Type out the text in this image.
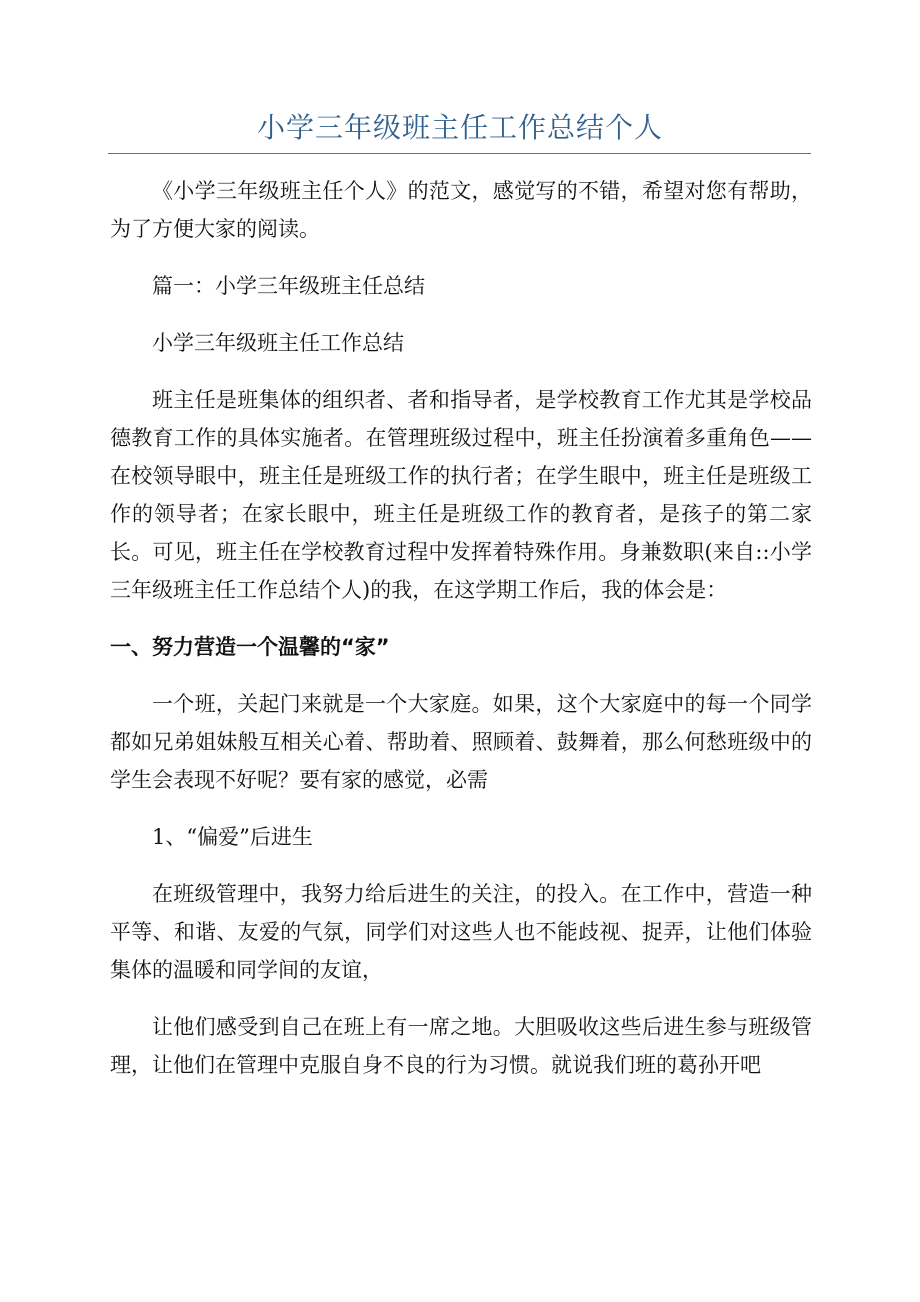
小学三年级班主任工作总结个人

《小学三年级班主任个人》的范文，感觉写的不错，希望对您有帮助，为了方便大家的阅读。

篇一：小学三年级班主任总结

小学三年级班主任工作总结

班主任是班集体的组织者、者和指导者，是学校教育工作尤其是学校品德教育工作的具体实施者。在管理班级过程中，班主任扮演着多重角色——在校领导眼中，班主任是班级工作的执行者；在学生眼中，班主任是班级工作的领导者；在家长眼中，班主任是班级工作的教育者，是孩子的第二家长。可见，班主任在学校教育过程中发挥着特殊作用。身兼数职(来自::小学三年级班主任工作总结个人)的我，在这学期工作后，我的体会是：

一、努力营造一个温馨的“家”

一个班，关起门来就是一个大家庭。如果，这个大家庭中的每一个同学都如兄弟姐妹般互相关心着、帮助着、照顾着、鼓舞着，那么何愁班级中的学生会表现不好呢？要有家的感觉，必需

1、“偏爱”后进生

在班级管理中，我努力给后进生的关注，的投入。在工作中，营造一种平等、和谐、友爱的气氛，同学们对这些人也不能歧视、捉弄，让他们体验集体的温暖和同学间的友谊，

让他们感受到自己在班上有一席之地。大胆吸收这些后进生参与班级管理，让他们在管理中克服自身不良的行为习惯。就说我们班的葛孙开吧
